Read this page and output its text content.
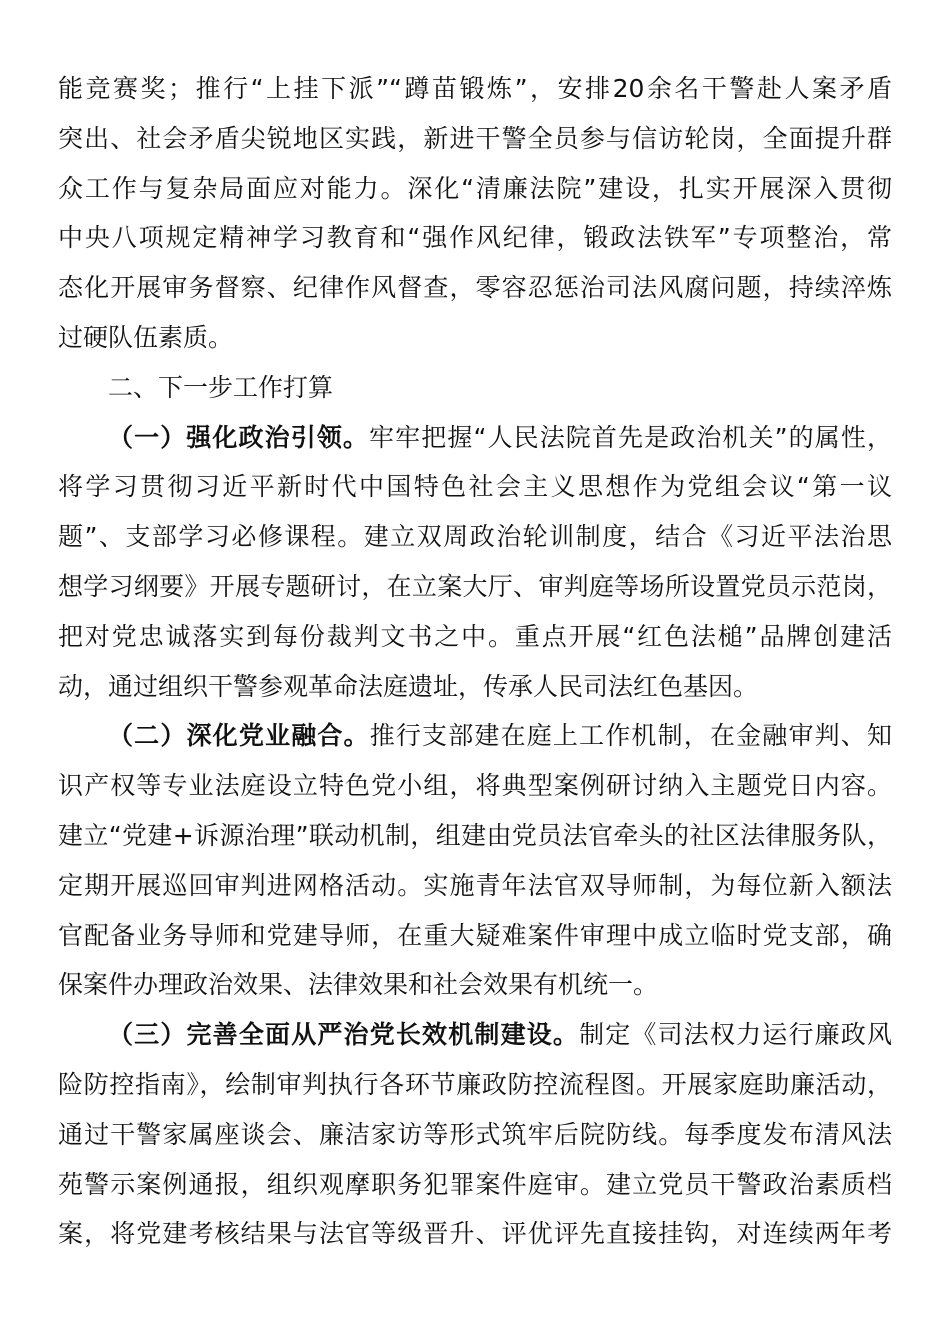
能竞赛奖；推行“上挂下派”“蹲苗锻炼”，安排20余名干警赴人案矛盾
突出、社会矛盾尖锐地区实践，新进干警全员参与信访轮岗，全面提升群
众工作与复杂局面应对能力。深化“清廉法院”建设，扎实开展深入贯彻
中央八项规定精神学习教育和“强作风纪律，锻政法铁军”专项整治，常
态化开展审务督察、纪律作风督查，零容忍惩治司法风腐问题，持续淬炼
过硬队伍素质。
二、下一步工作打算
（一）强化政治引领。牢牢把握“人民法院首先是政治机关”的属性，
将学习贯彻习近平新时代中国特色社会主义思想作为党组会议“第一议
题”、支部学习必修课程。建立双周政治轮训制度，结合《习近平法治思
想学习纲要》开展专题研讨，在立案大厅、审判庭等场所设置党员示范岗，
把对党忠诚落实到每份裁判文书之中。重点开展“红色法槌”品牌创建活
动，通过组织干警参观革命法庭遗址，传承人民司法红色基因。
（二）深化党业融合。推行支部建在庭上工作机制，在金融审判、知
识产权等专业法庭设立特色党小组，将典型案例研讨纳入主题党日内容。
建立“党建+诉源治理”联动机制，组建由党员法官牵头的社区法律服务队，
定期开展巡回审判进网格活动。实施青年法官双导师制，为每位新入额法
官配备业务导师和党建导师，在重大疑难案件审理中成立临时党支部，确
保案件办理政治效果、法律效果和社会效果有机统一。
（三）完善全面从严治党长效机制建设。制定《司法权力运行廉政风
险防控指南》，绘制审判执行各环节廉政防控流程图。开展家庭助廉活动，
通过干警家属座谈会、廉洁家访等形式筑牢后院防线。每季度发布清风法
苑警示案例通报，组织观摩职务犯罪案件庭审。建立党员干警政治素质档
案，将党建考核结果与法官等级晋升、评优评先直接挂钩，对连续两年考
